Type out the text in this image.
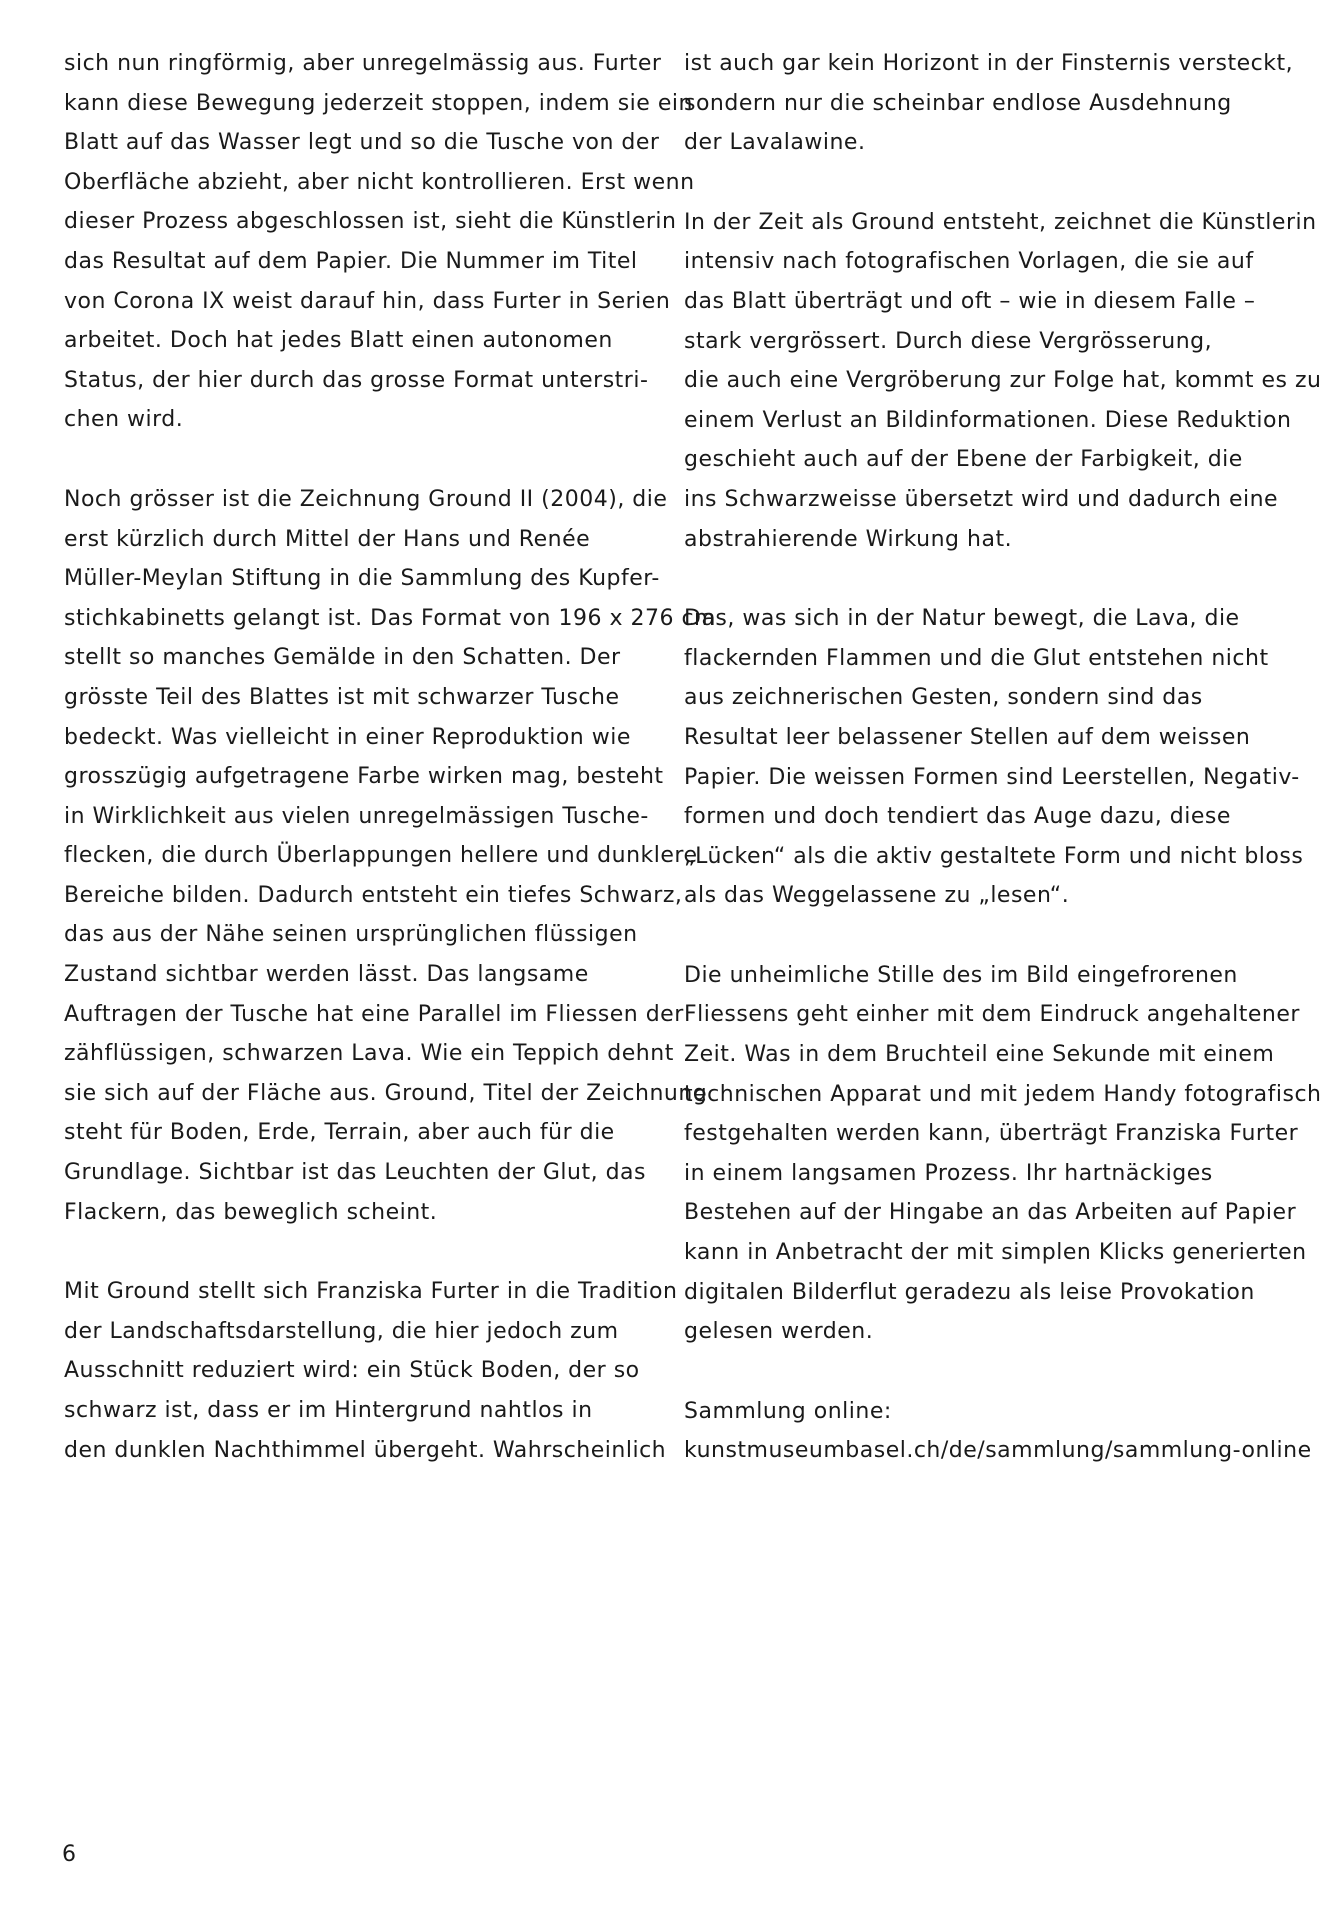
sich nun ringförmig, aber unregelmässig aus. Furter
kann diese Bewegung jederzeit stoppen, indem sie ein
Blatt auf das Wasser legt und so die Tusche von der
Oberfläche abzieht, aber nicht kontrollieren. Erst wenn
dieser Prozess abgeschlossen ist, sieht die Künstlerin
das Resultat auf dem Papier. Die Nummer im Titel
von Corona IX weist darauf hin, dass Furter in Serien
arbeitet. Doch hat jedes Blatt einen autonomen
Status, der hier durch das grosse Format unterstri-
chen wird.
Noch grösser ist die Zeichnung Ground II (2004), die
erst kürzlich durch Mittel der Hans und Renée
Müller-Meylan Stiftung in die Sammlung des Kupfer-
stichkabinetts gelangt ist. Das Format von 196 x 276 cm
stellt so manches Gemälde in den Schatten. Der
grösste Teil des Blattes ist mit schwarzer Tusche
bedeckt. Was vielleicht in einer Reproduktion wie
grosszügig aufgetragene Farbe wirken mag, besteht
in Wirklichkeit aus vielen unregelmässigen Tusche-
flecken, die durch Überlappungen hellere und dunklere
Bereiche bilden. Dadurch entsteht ein tiefes Schwarz,
das aus der Nähe seinen ursprünglichen flüssigen
Zustand sichtbar werden lässt. Das langsame
Auftragen der Tusche hat eine Parallel im Fliessen der
zähflüssigen, schwarzen Lava. Wie ein Teppich dehnt
sie sich auf der Fläche aus. Ground, Titel der Zeichnung
steht für Boden, Erde, Terrain, aber auch für die
Grundlage. Sichtbar ist das Leuchten der Glut, das
Flackern, das beweglich scheint.
Mit Ground stellt sich Franziska Furter in die Tradition
der Landschaftsdarstellung, die hier jedoch zum
Ausschnitt reduziert wird: ein Stück Boden, der so
schwarz ist, dass er im Hintergrund nahtlos in
den dunklen Nachthimmel übergeht. Wahrscheinlich
ist auch gar kein Horizont in der Finsternis versteckt,
sondern nur die scheinbar endlose Ausdehnung
der Lavalawine.
In der Zeit als Ground entsteht, zeichnet die Künstlerin
intensiv nach fotografischen Vorlagen, die sie auf
das Blatt überträgt und oft – wie in diesem Falle –
stark vergrössert. Durch diese Vergrösserung,
die auch eine Vergröberung zur Folge hat, kommt es zu
einem Verlust an Bildinformationen. Diese Reduktion
geschieht auch auf der Ebene der Farbigkeit, die
ins Schwarzweisse übersetzt wird und dadurch eine
abstrahierende Wirkung hat.
Das, was sich in der Natur bewegt, die Lava, die
flackernden Flammen und die Glut entstehen nicht
aus zeichnerischen Gesten, sondern sind das
Resultat leer belassener Stellen auf dem weissen
Papier. Die weissen Formen sind Leerstellen, Negativ-
formen und doch tendiert das Auge dazu, diese
„Lücken“ als die aktiv gestaltete Form und nicht bloss
als das Weggelassene zu „lesen“.
Die unheimliche Stille des im Bild eingefrorenen
Fliessens geht einher mit dem Eindruck angehaltener
Zeit. Was in dem Bruchteil eine Sekunde mit einem
technischen Apparat und mit jedem Handy fotografisch
festgehalten werden kann, überträgt Franziska Furter
in einem langsamen Prozess. Ihr hartnäckiges
Bestehen auf der Hingabe an das Arbeiten auf Papier
kann in Anbetracht der mit simplen Klicks generierten
digitalen Bilderflut geradezu als leise Provokation
gelesen werden.
Sammlung online:
kunstmuseumbasel.ch/de/sammlung/sammlung-online
6
